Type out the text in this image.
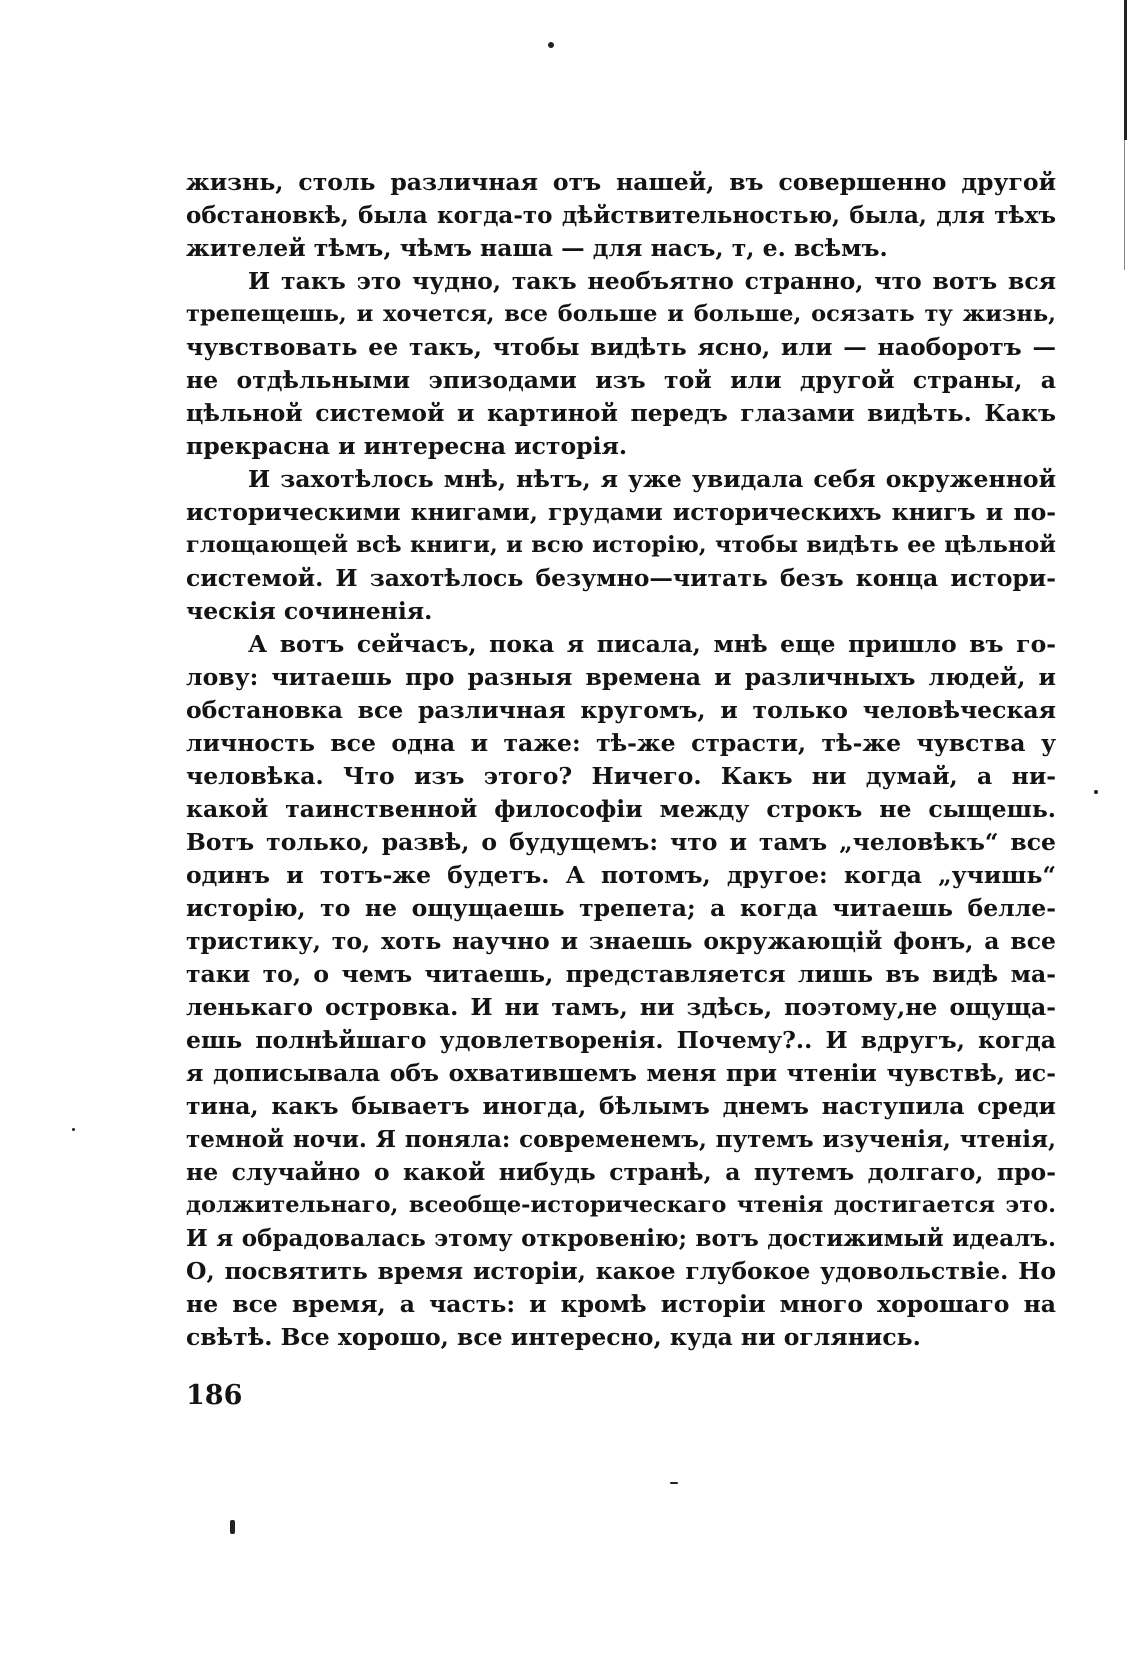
жизнь, столь различная отъ нашей, въ совершенно другой
обстановкѣ, была когда-то дѣйствительностью, была, для тѣхъ
жителей тѣмъ, чѣмъ наша — для насъ, т, е. всѣмъ.
И такъ это чудно, такъ необъятно странно, что вотъ вся
трепещешь, и хочется, все больше и больше, осязать ту жизнь,
чувствовать ее такъ, чтобы видѣть ясно, или — наоборотъ —
не отдѣльными эпизодами изъ той или другой страны, а
цѣльной системой и картиной передъ глазами видѣть. Какъ
прекрасна и интересна исторія.
И захотѣлось мнѣ, нѣтъ, я уже увидала себя окруженной
историческими книгами, грудами историческихъ книгъ и по-
глощающей всѣ книги, и всю исторію, чтобы видѣть ее цѣльной
системой. И захотѣлось безумно—читать безъ конца истори-
ческія сочиненія.
А вотъ сейчасъ, пока я писала, мнѣ еще пришло въ го-
лову: читаешь про разныя времена и различныхъ людей, и
обстановка все различная кругомъ, и только человѣческая
личность все одна и таже: тѣ-же страсти, тѣ-же чувства у
человѣка. Что изъ этого? Ничего. Какъ ни думай, а ни-
какой таинственной философіи между строкъ не сыщешь.
Вотъ только, развѣ, о будущемъ: что и тамъ „человѣкъ“ все
одинъ и тотъ-же будетъ. А потомъ, другое: когда „учишь“
исторію, то не ощущаешь трепета; а когда читаешь белле-
тристику, то, хоть научно и знаешь окружающій фонъ, а все
таки то, о чемъ читаешь, представляется лишь въ видѣ ма-
ленькаго островка. И ни тамъ, ни здѣсь, поэтому,не ощуща-
ешь полнѣйшаго удовлетворенія. Почему?.. И вдругъ, когда
я дописывала объ охватившемъ меня при чтеніи чувствѣ, ис-
тина, какъ бываетъ иногда, бѣлымъ днемъ наступила среди
темной ночи. Я поняла: современемъ, путемъ изученія, чтенія,
не случайно о какой нибудь странѣ, а путемъ долгаго, про-
должительнаго, всеобще-историческаго чтенія достигается это.
И я обрадовалась этому откровенію; вотъ достижимый идеалъ.
О, посвятить время исторіи, какое глубокое удовольствіе. Но
не все время, а часть: и кромѣ исторіи много хорошаго на
свѣтѣ. Все хорошо, все интересно, куда ни оглянись.
186
